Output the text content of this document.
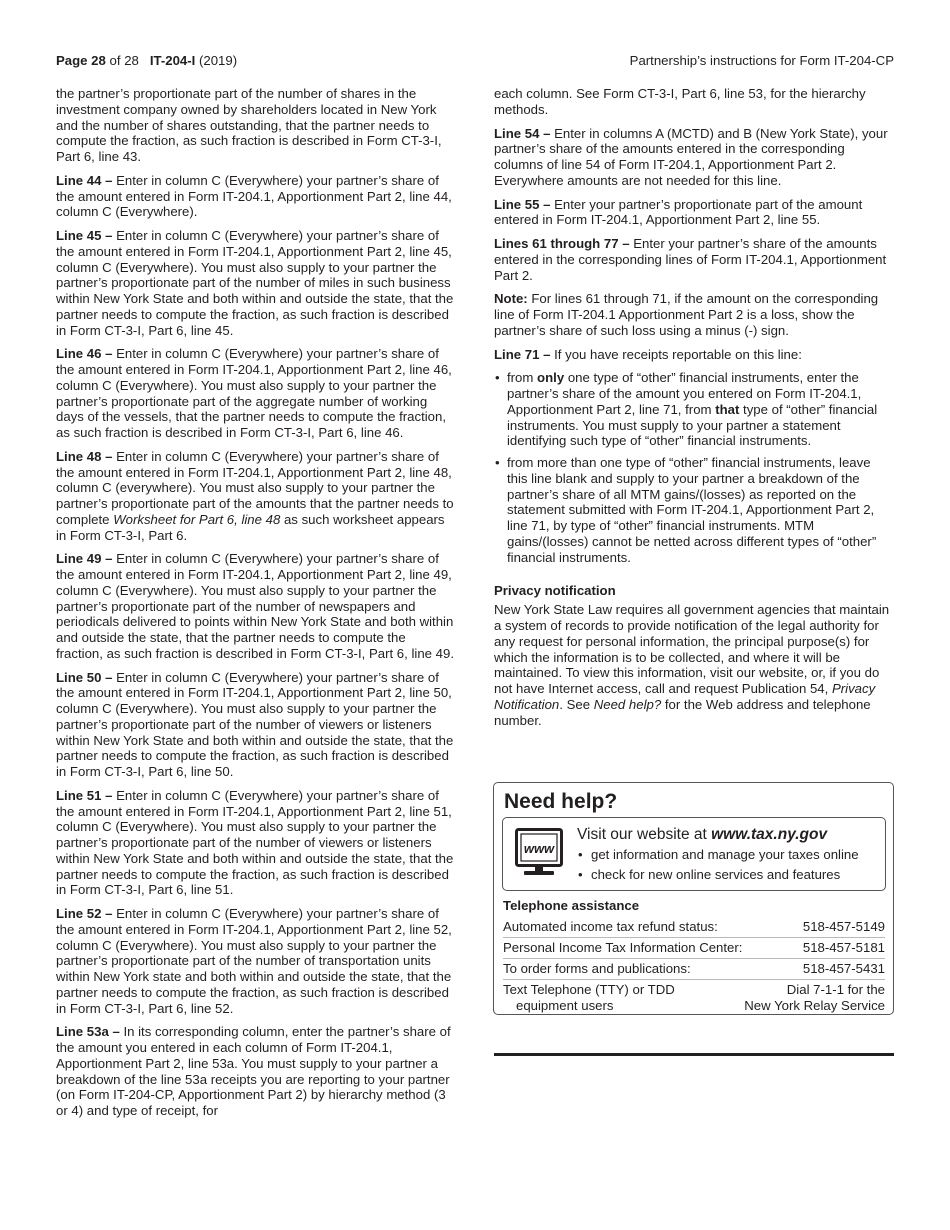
Page 28 of 28 IT-204-I (2019)	Partnership’s instructions for Form IT-204-CP

the partner’s proportionate part of the number of shares in the investment company owned by shareholders located in New York and the number of shares outstanding, that the partner needs to compute the fraction, as such fraction is described in Form CT-3-I, Part 6, line 43.

Line 44 – Enter in column C (Everywhere) your partner’s share of the amount entered in Form IT-204.1, Apportionment Part 2, line 44, column C (Everywhere).

Line 45 – Enter in column C (Everywhere) your partner’s share of the amount entered in Form IT-204.1, Apportionment Part 2, line 45, column C (Everywhere). You must also supply to your partner the partner’s proportionate part of the number of miles in such business within New York State and both within and outside the state, that the partner needs to compute the fraction, as such fraction is described in Form CT-3-I, Part 6, line 45.

Line 46 – Enter in column C (Everywhere) your partner’s share of the amount entered in Form IT-204.1, Apportionment Part 2, line 46, column C (Everywhere). You must also supply to your partner the partner’s proportionate part of the aggregate number of working days of the vessels, that the partner needs to compute the fraction, as such fraction is described in Form CT-3-I, Part 6, line 46.

Line 48 – Enter in column C (Everywhere) your partner’s share of the amount entered in Form IT-204.1, Apportionment Part 2, line 48, column C (everywhere). You must also supply to your partner the partner’s proportionate part of the amounts that the partner needs to complete Worksheet for Part 6, line 48 as such worksheet appears in Form CT-3-I, Part 6.

Line 49 – Enter in column C (Everywhere) your partner’s share of the amount entered in Form IT-204.1, Apportionment Part 2, line 49, column C (Everywhere). You must also supply to your partner the partner’s proportionate part of the number of newspapers and periodicals delivered to points within New York State and both within and outside the state, that the partner needs to compute the fraction, as such fraction is described in Form CT-3-I, Part 6, line 49.

Line 50 – Enter in column C (Everywhere) your partner’s share of the amount entered in Form IT-204.1, Apportionment Part 2, line 50, column C (Everywhere). You must also supply to your partner the partner’s proportionate part of the number of viewers or listeners within New York State and both within and outside the state, that the partner needs to compute the fraction, as such fraction is described in Form CT-3-I, Part 6, line 50.

Line 51 – Enter in column C (Everywhere) your partner’s share of the amount entered in Form IT-204.1, Apportionment Part 2, line 51, column C (Everywhere). You must also supply to your partner the partner’s proportionate part of the number of viewers or listeners within New York State and both within and outside the state, that the partner needs to compute the fraction, as such fraction is described in Form CT-3-I, Part 6, line 51.

Line 52 – Enter in column C (Everywhere) your partner’s share of the amount entered in Form IT-204.1, Apportionment Part 2, line 52, column C (Everywhere). You must also supply to your partner the partner’s proportionate part of the number of transportation units within New York state and both within and outside the state, that the partner needs to compute the fraction, as such fraction is described in Form CT-3-I, Part 6, line 52.

Line 53a – In its corresponding column, enter the partner’s share of the amount you entered in each column of Form IT-204.1, Apportionment Part 2, line 53a. You must supply to your partner a breakdown of the line 53a receipts you are reporting to your partner (on Form IT-204-CP, Apportionment Part 2) by hierarchy method (3 or 4) and type of receipt, for

each column. See Form CT-3-I, Part 6, line 53, for the hierarchy methods.

Line 54 – Enter in columns A (MCTD) and B (New York State), your partner’s share of the amounts entered in the corresponding columns of line 54 of Form IT-204.1, Apportionment Part 2. Everywhere amounts are not needed for this line.

Line 55 – Enter your partner’s proportionate part of the amount entered in Form IT-204.1, Apportionment Part 2, line 55.

Lines 61 through 77 – Enter your partner’s share of the amounts entered in the corresponding lines of Form IT-204.1, Apportionment Part 2.

Note: For lines 61 through 71, if the amount on the corresponding line of Form IT-204.1 Apportionment Part 2 is a loss, show the partner’s share of such loss using a minus (-) sign.

Line 71 – If you have receipts reportable on this line:

• from only one type of “other” financial instruments, enter the partner’s share of the amount you entered on Form IT-204.1, Apportionment Part 2, line 71, from that type of “other” financial instruments. You must supply to your partner a statement identifying such type of “other” financial instruments.
• from more than one type of “other” financial instruments, leave this line blank and supply to your partner a breakdown of the partner’s share of all MTM gains/(losses) as reported on the statement submitted with Form IT-204.1, Apportionment Part 2, line 71, by type of “other” financial instruments. MTM gains/(losses) cannot be netted across different types of “other” financial instruments.
Privacy notification

New York State Law requires all government agencies that maintain a system of records to provide notification of the legal authority for any request for personal information, the principal purpose(s) for which the information is to be collected, and where it will be maintained. To view this information, visit our website, or, if you do not have Internet access, call and request Publication 54, Privacy Notification. See Need help? for the Web address and telephone number.

Need help?
www
Visit our website at www.tax.ny.gov
• get information and manage your taxes online
• check for new online services and features
Telephone assistance
Automated income tax refund status:	518-457-5149
Personal Income Tax Information Center:	518-457-5181
To order forms and publications:	518-457-5431
Text Telephone (TTY) or TDD	Dial 7-1-1 for the
equipment users	New York Relay Service
